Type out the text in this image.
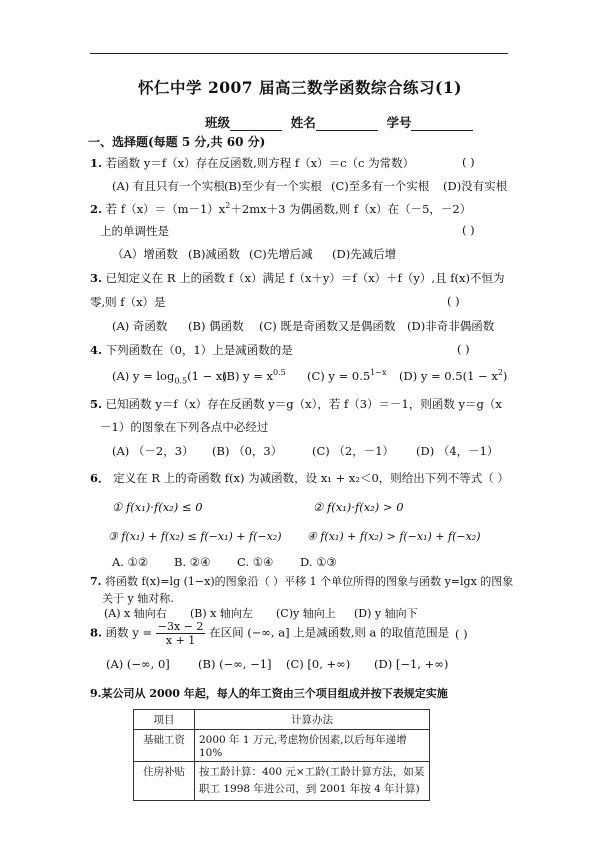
怀仁中学 2007 届高三数学函数综合练习(1)
班级	姓名	学号
一、选择题(每题 5 分,共 60 分)
1. 若函数 y＝f（x）存在反函数,则方程 f（x）＝c（c 为常数）	( )
(A) 有且只有一个实根(B)至少有一个实根 (C)至多有一个实根 (D)没有实根
2. 若 $f(x)=(m-1)x^2+2mx+3$ 为偶函数,则 f（x）在（－5，－2）
上的单调性是	( )
（A）增函数 (B)减函数 (C)先增后减 (D)先减后增
3. 已知定义在 R 上的函数 f（x）满足 f（x＋y）＝f（x）＋f（y）,且 f(x)不恒为
零,则 f（x）是	( )
(A) 奇函数 (B) 偶函数 (C) 既是奇函数又是偶函数 (D)非奇非偶函数
4. 下列函数在（0，1）上是减函数的是	( )
(A) $y = \log_{0.5}(1 - x)(B) y = x^{0.5}$ (C) $y = 0.5^{1-x}$ (D) $y = 0.5(1 - x^2)$
5. 已知函数 y＝f（x）存在反函数 y＝g（x），若 f（3）＝－1，则函数 y＝g（x
－1）的图象在下列各点中必经过
(A) （－2，3） (B) （0，3）	(C) （2，－1） (D) （4，－1）
6． 定义在 R 上的奇函数 f(x) 为减函数，设 x₁ + x₂＜0，则给出下列不等式（ ）
① f(x₁)·f(x₂) ≤ 0	② f(x₁)·f(x₂) > 0
③ f(x₁) + f(x₂) ≤ f(−x₁) + f(−x₂) ④ f(x₁) + f(x₂) > f(−x₁) + f(−x₂)
A. ①② B. ②④ C. ①④ D. ①③
7. 将函数 f(x)=lg (1−x)的图象沿（ ）平移 1 个单位所得的图象与函数 y=lgx 的图象
关于 y 轴对称.
(A) x 轴向右 (B) x 轴向左 (C)y 轴向上 (D) y 轴向下
8. 函数 $y = \frac{-3x - 2}{x + 1}$ 在区间 (−∞, a] 上是减函数,则 a 的取值范围是 ( )
(A) (−∞, 0] (B) (−∞, −1] (C) [0, +∞) (D) [−1, +∞)
9.某公司从 2000 年起，每人的年工资由三个项目组成并按下表规定实施
项目	计算办法
基础工资	2000 年 1 万元,考虑物价因素,以后每年递增 10%
住房补贴	按工龄计算：400 元×工龄(工龄计算方法，如某职工 1998 年进公司，到 2001 年按 4 年计算)
